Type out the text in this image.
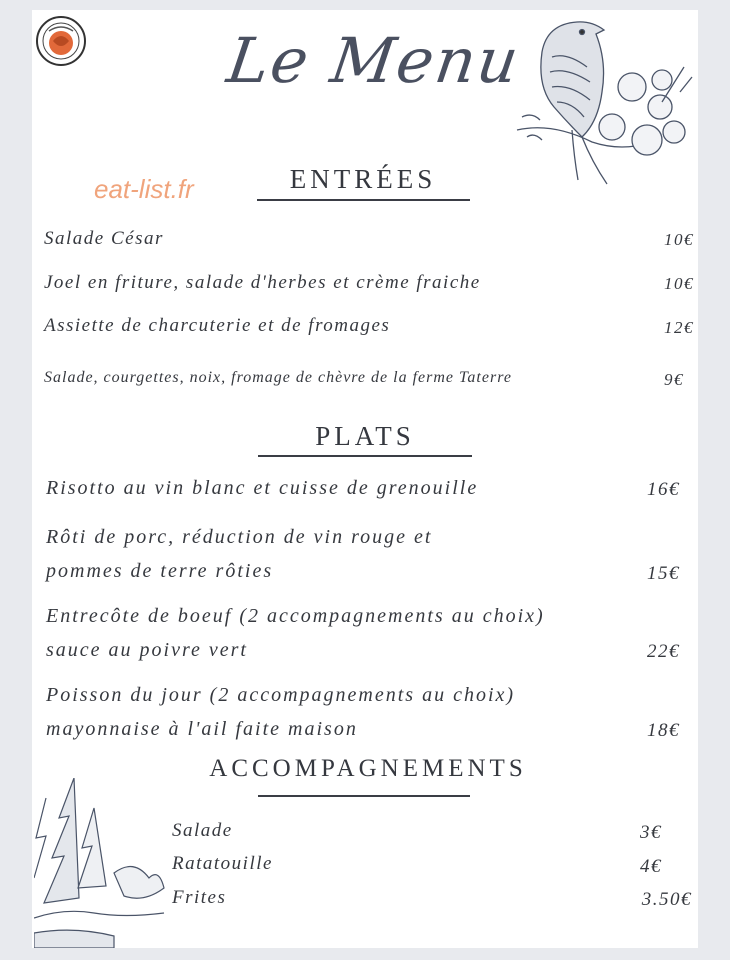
Le Menu
eat-list.fr	ENTRÉES
Salade César	10€
Joel en friture, salade d'herbes et crème fraiche	10€
Assiette de charcuterie et de fromages	12€
Salade, courgettes, noix, fromage de chèvre de la ferme Taterre	9€
PLATS
Risotto au vin blanc et cuisse de grenouille	16€
Rôti de porc, réduction de vin rouge et
pommes de terre rôties	15€
Entrecôte de boeuf (2 accompagnements au choix)
sauce au poivre vert	22€
Poisson du jour (2 accompagnements au choix)
mayonnaise à l'ail faite maison	18€
ACCOMPAGNEMENTS
Salade	3€
Ratatouille	4€
Frites	3.50€
